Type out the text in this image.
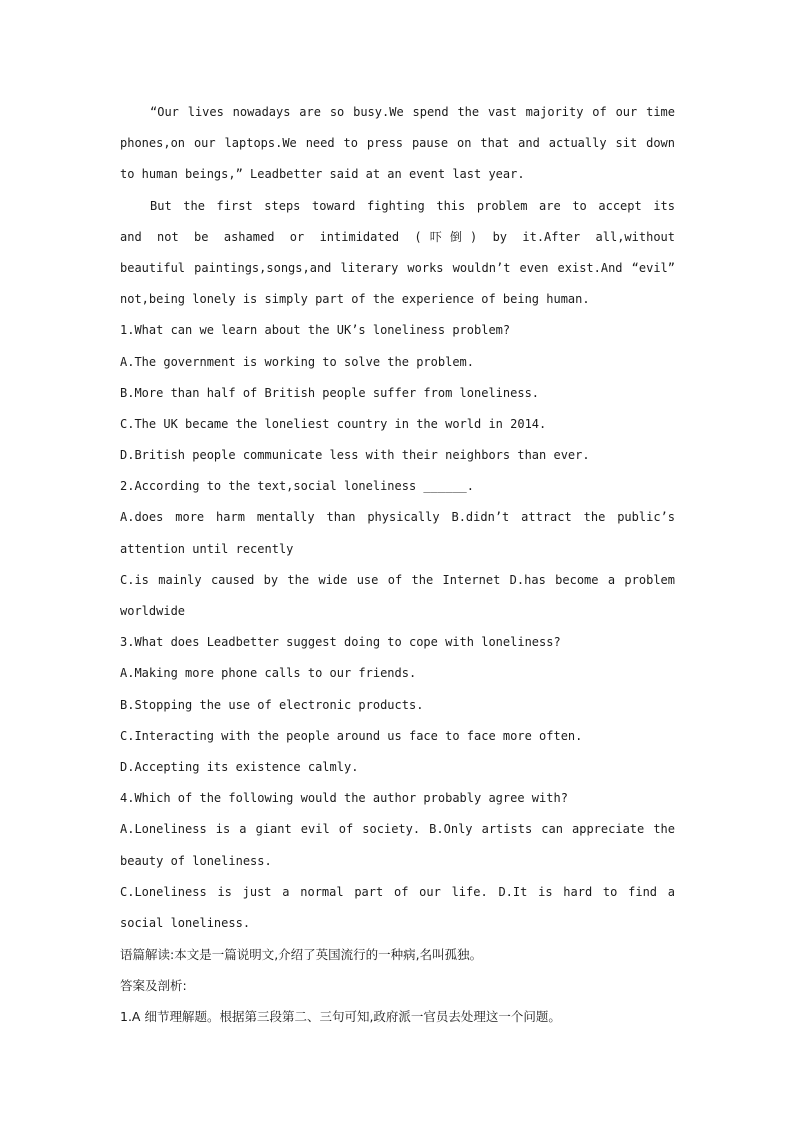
“Our lives nowadays are so busy.We spend the vast majority of our time
phones,on our laptops.We need to press pause on that and actually sit down
to human beings,” Leadbetter said at an event last year.
But the first steps toward fighting this problem are to accept its
and not be ashamed or intimidated (吓倒) by it.After all,without
beautiful paintings,songs,and literary works wouldn’t even exist.And “evil”
not,being lonely is simply part of the experience of being human.
1.What can we learn about the UK’s loneliness problem?
A.The government is working to solve the problem.
B.More than half of British people suffer from loneliness.
C.The UK became the loneliest country in the world in 2014.
D.British people communicate less with their neighbors than ever.
2.According to the text,social loneliness ______.
A.does more harm mentally than physically B.didn’t attract the public’s
attention until recently
C.is mainly caused by the wide use of the Internet D.has become a problem
worldwide
3.What does Leadbetter suggest doing to cope with loneliness?
A.Making more phone calls to our friends.
B.Stopping the use of electronic products.
C.Interacting with the people around us face to face more often.
D.Accepting its existence calmly.
4.Which of the following would the author probably agree with?
A.Loneliness is a giant evil of society. B.Only artists can appreciate the
beauty of loneliness.
C.Loneliness is just a normal part of our life. D.It is hard to find a
social loneliness.
语篇解读:本文是一篇说明文,介绍了英国流行的一种病,名叫孤独。
答案及剖析:
1.A 细节理解题。根据第三段第二、三句可知,政府派一官员去处理这一个问题。
